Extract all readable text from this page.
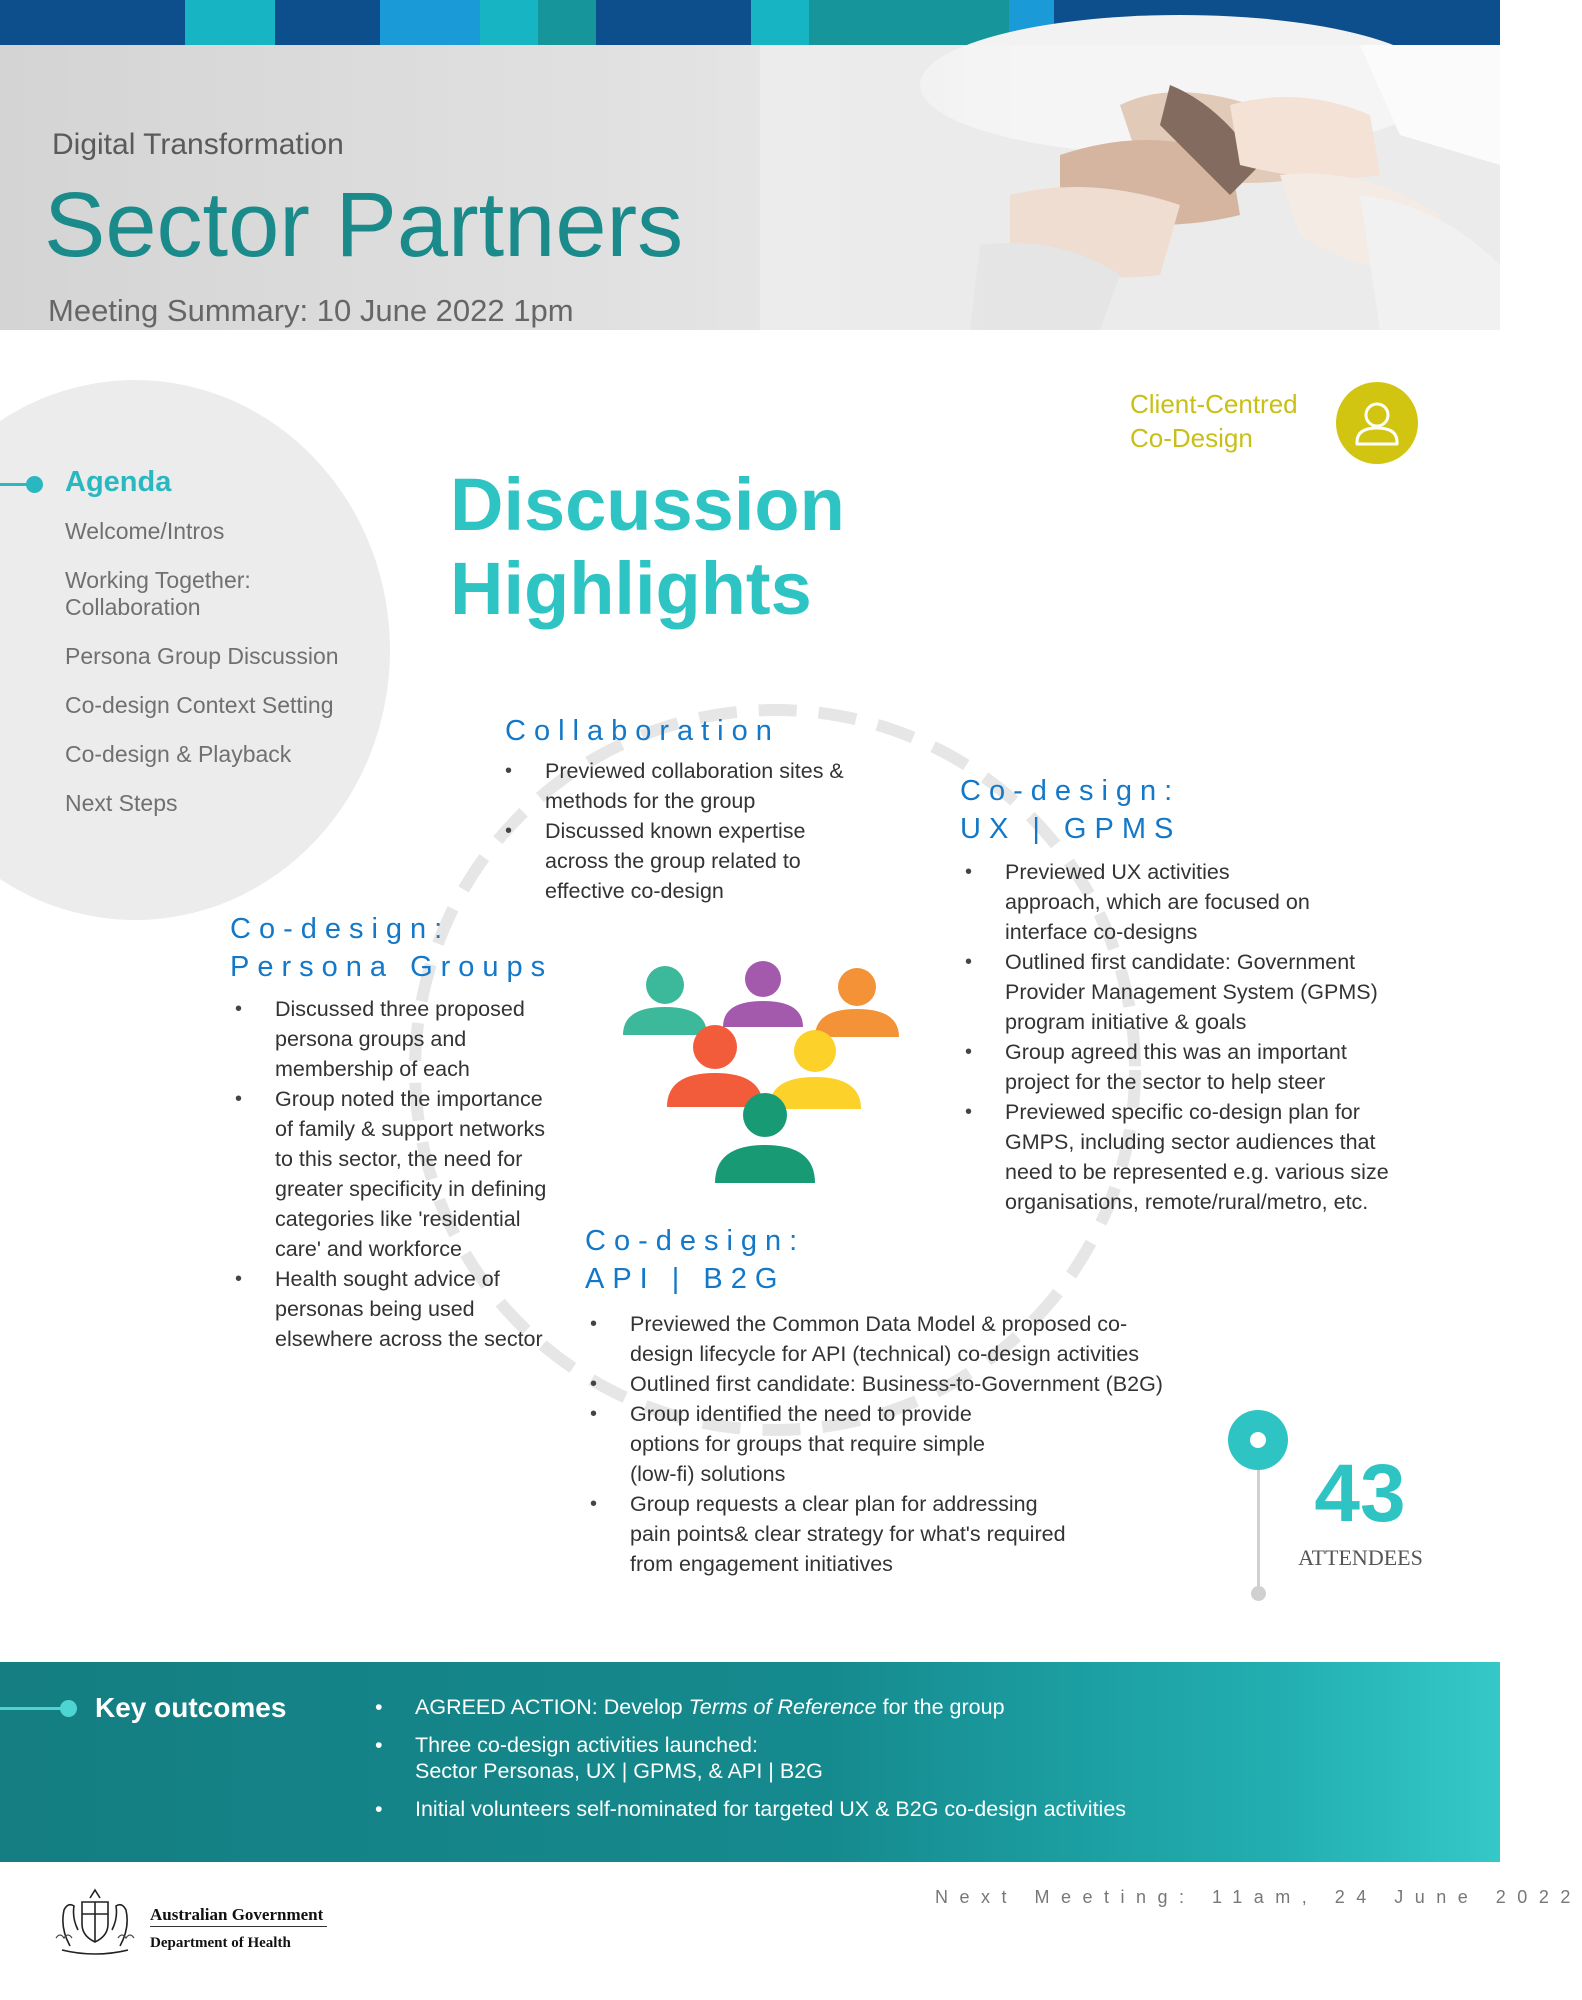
Digital Transformation
Sector Partners
Meeting Summary: 10 June 2022 1pm
Agenda
Welcome/Intros
Working Together: Collaboration
Persona Group Discussion
Co-design Context Setting
Co-design & Playback
Next Steps
Client-Centred
Co-Design
Discussion
Highlights
Collaboration
• Previewed collaboration sites & methods for the group
• Discussed known expertise across the group related to effective co-design
Co-design:
UX | GPMS
• Previewed UX activities approach, which are focused on interface co-designs
• Outlined first candidate: Government Provider Management System (GPMS) program initiative & goals
• Group agreed this was an important project for the sector to help steer
• Previewed specific co-design plan for GMPS, including sector audiences that need to be represented e.g. various size organisations, remote/rural/metro, etc.
Co-design:
Persona Groups
• Discussed three proposed persona groups and membership of each
• Group noted the importance of family & support networks to this sector, the need for greater specificity in defining categories like 'residential care' and workforce
• Health sought advice of personas being used elsewhere across the sector
Co-design:
API | B2G
• Previewed the Common Data Model & proposed co-design lifecycle for API (technical) co-design activities
• Outlined first candidate: Business-to-Government (B2G)
• Group identified the need to provide options for groups that require simple (low-fi) solutions
• Group requests a clear plan for addressing pain points& clear strategy for what's required from engagement initiatives
43
ATTENDEES
Key outcomes
•	AGREED ACTION: Develop Terms of Reference for the group
• Three co-design activities launched:
Sector Personas, UX | GPMS, & API | B2G
• Initial volunteers self-nominated for targeted UX & B2G co-design activities
Australian Government
Department of Health
Next Meeting: 11am, 24 June 2022
